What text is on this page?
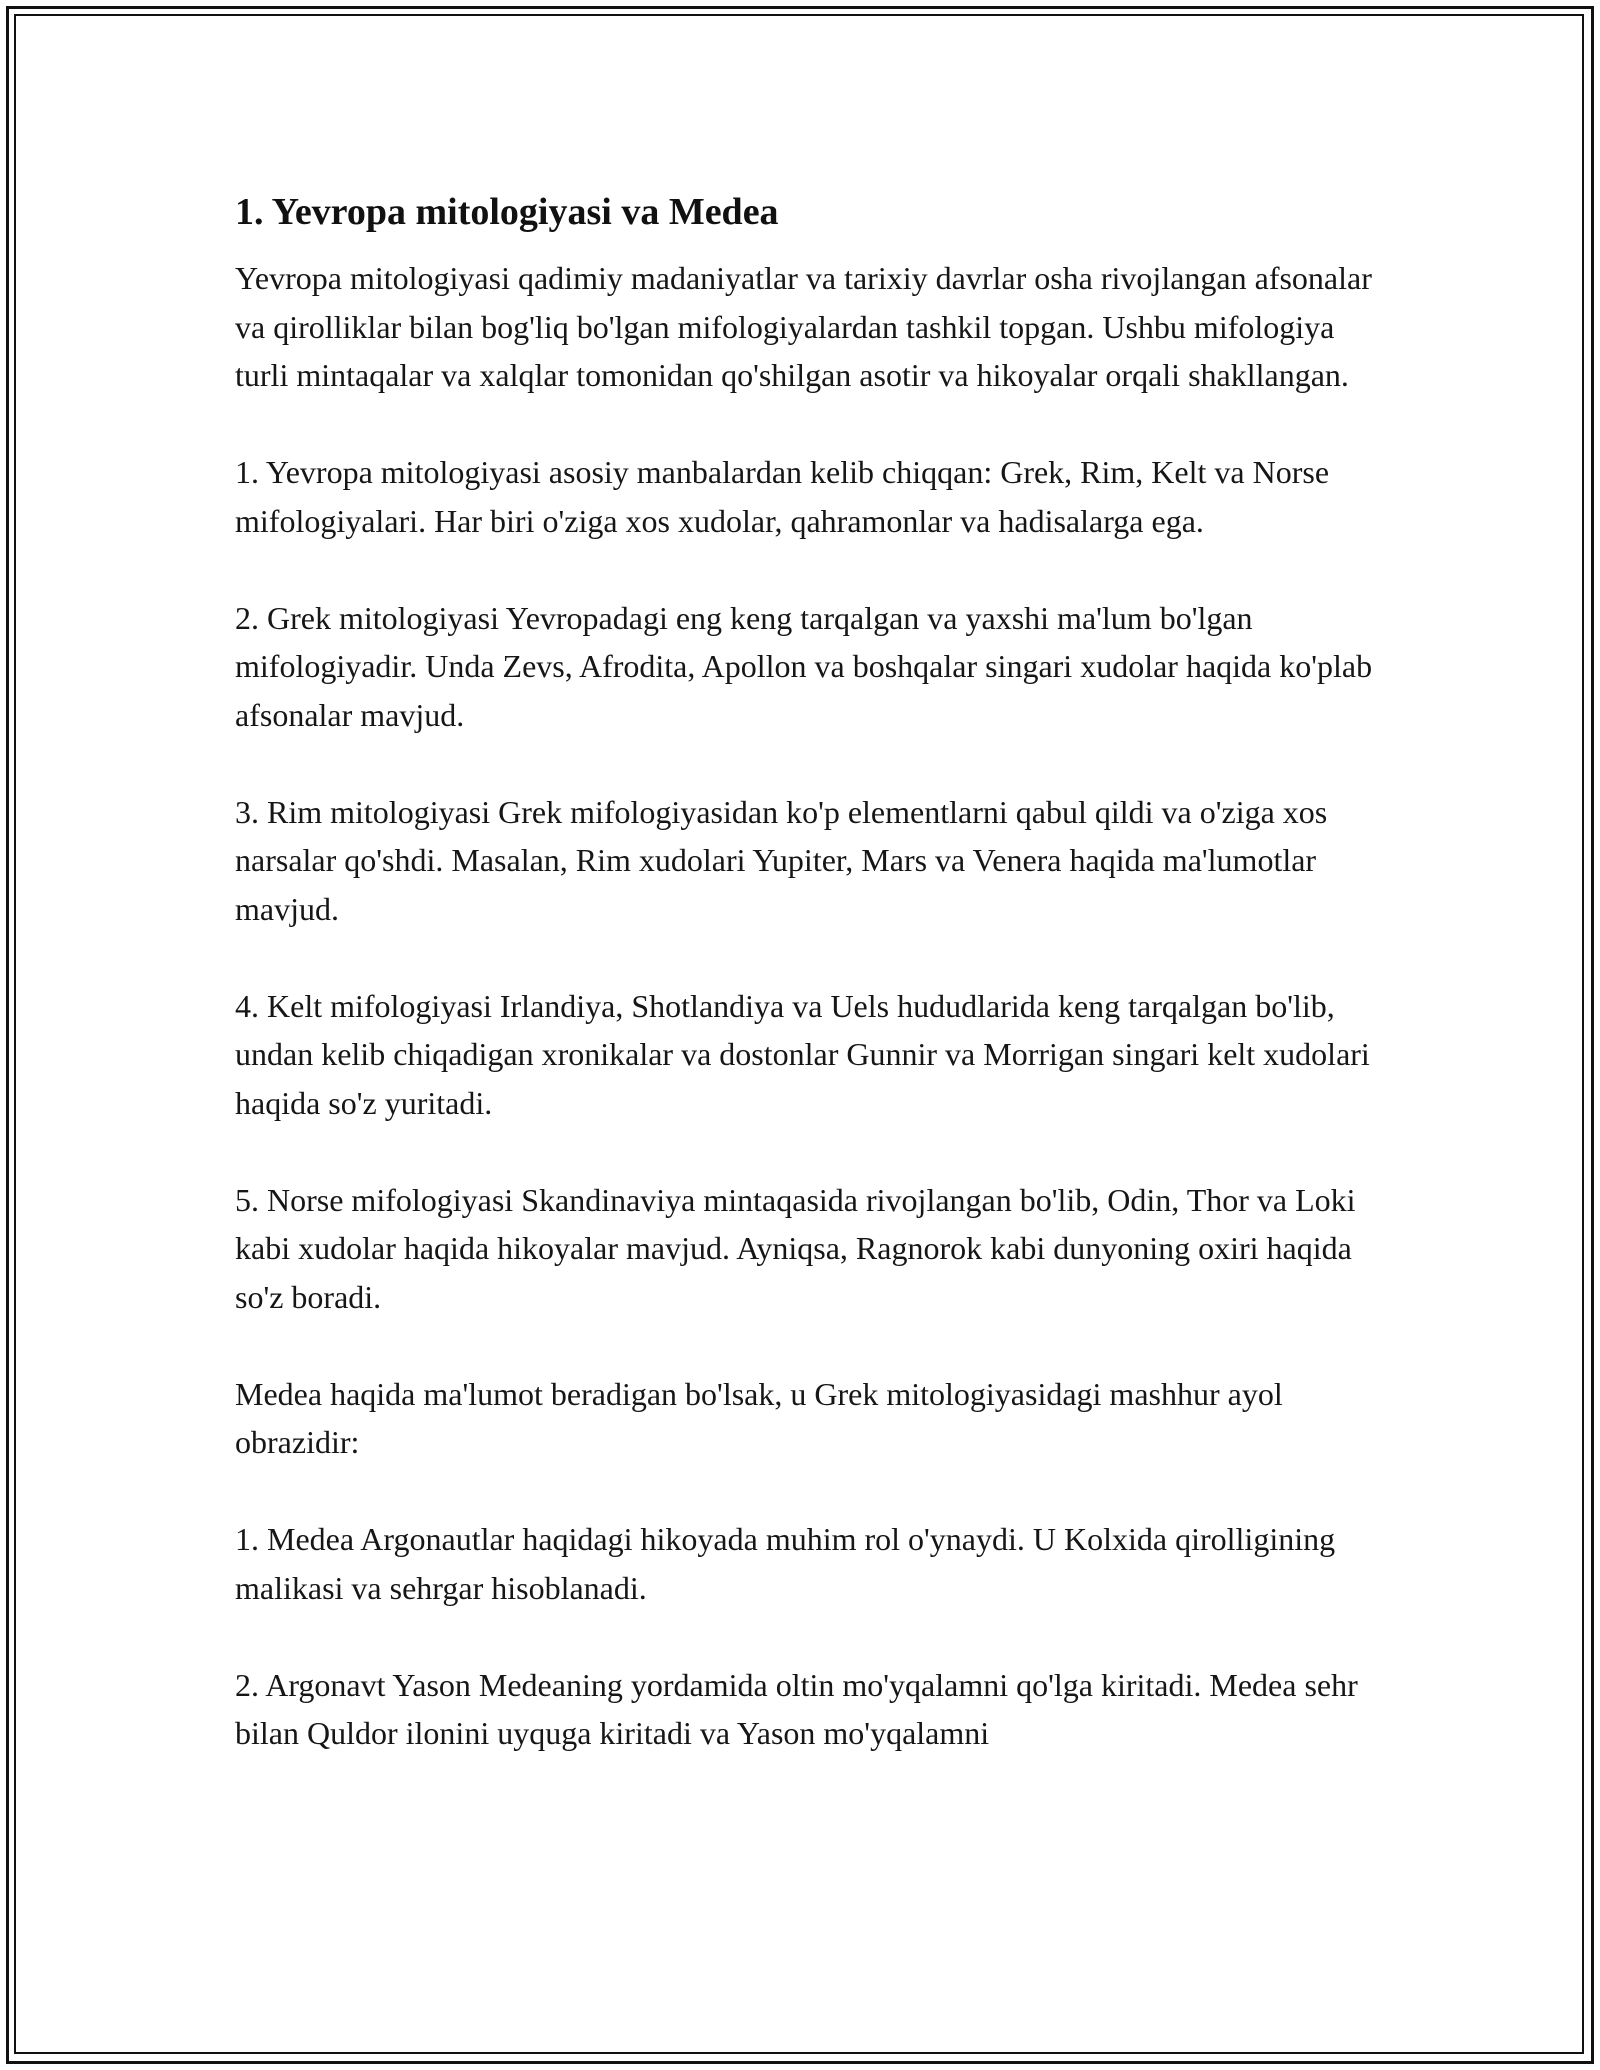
1. Yevropa mitologiyasi va Medea

Yevropa mitologiyasi qadimiy madaniyatlar va tarixiy davrlar osha rivojlangan afsonalar va qirolliklar bilan bog'liq bo'lgan mifologiyalardan tashkil topgan. Ushbu mifologiya turli mintaqalar va xalqlar tomonidan qo'shilgan asotir va hikoyalar orqali shakllangan.

1. Yevropa mitologiyasi asosiy manbalardan kelib chiqqan: Grek, Rim, Kelt va Norse mifologiyalari. Har biri o'ziga xos xudolar, qahramonlar va hadisalarga ega.

2. Grek mitologiyasi Yevropadagi eng keng tarqalgan va yaxshi ma'lum bo'lgan mifologiyadir. Unda Zevs, Afrodita, Apollon va boshqalar singari xudolar haqida ko'plab afsonalar mavjud.

3. Rim mitologiyasi Grek mifologiyasidan ko'p elementlarni qabul qildi va o'ziga xos narsalar qo'shdi. Masalan, Rim xudolari Yupiter, Mars va Venera haqida ma'lumotlar mavjud.

4. Kelt mifologiyasi Irlandiya, Shotlandiya va Uels hududlarida keng tarqalgan bo'lib, undan kelib chiqadigan xronikalar va dostonlar Gunnir va Morrigan singari kelt xudolari haqida so'z yuritadi.

5. Norse mifologiyasi Skandinaviya mintaqasida rivojlangan bo'lib, Odin, Thor va Loki kabi xudolar haqida hikoyalar mavjud. Ayniqsa, Ragnorok kabi dunyoning oxiri haqida so'z boradi.

Medea haqida ma'lumot beradigan bo'lsak, u Grek mitologiyasidagi mashhur ayol obrazidir:

1. Medea Argonautlar haqidagi hikoyada muhim rol o'ynaydi. U Kolxida qirolligining malikasi va sehrgar hisoblanadi.

2. Argonavt Yason Medeaning yordamida oltin mo'yqalamni qo'lga kiritadi. Medea sehr bilan Quldor ilonini uyquga kiritadi va Yason mo'yqalamni
